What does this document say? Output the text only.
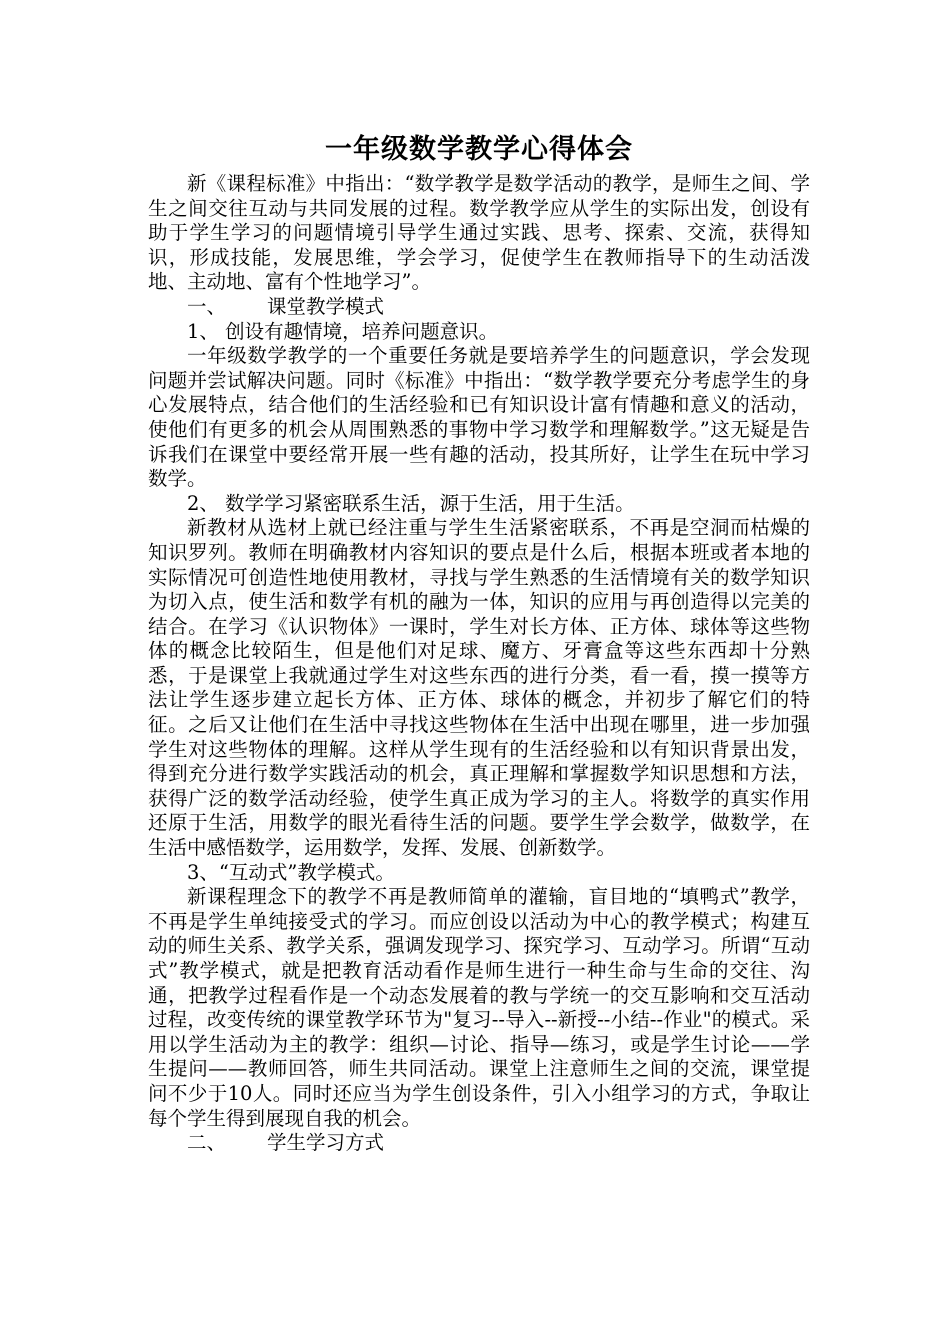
一年级数学教学心得体会

新《课程标准》中指出：“数学教学是数学活动的教学，是师生之间、学生之间交往互动与共同发展的过程。数学教学应从学生的实际出发，创设有助于学生学习的问题情境引导学生通过实践、思考、探索、交流，获得知识，形成技能，发展思维，学会学习，促使学生在教师指导下的生动活泼地、主动地、富有个性地学习”。

一、 课堂教学模式
1、 创设有趣情境，培养问题意识。

一年级数学教学的一个重要任务就是要培养学生的问题意识，学会发现问题并尝试解决问题。同时《标准》中指出：“数学教学要充分考虑学生的身心发展特点，结合他们的生活经验和已有知识设计富有情趣和意义的活动，使他们有更多的机会从周围熟悉的事物中学习数学和理解数学。”这无疑是告诉我们在课堂中要经常开展一些有趣的活动，投其所好，让学生在玩中学习数学。

2、 数学学习紧密联系生活，源于生活，用于生活。

新教材从选材上就已经注重与学生生活紧密联系，不再是空洞而枯燥的知识罗列。教师在明确教材内容知识的要点是什么后，根据本班或者本地的实际情况可创造性地使用教材，寻找与学生熟悉的生活情境有关的数学知识为切入点，使生活和数学有机的融为一体，知识的应用与再创造得以完美的结合。在学习《认识物体》一课时，学生对长方体、正方体、球体等这些物体的概念比较陌生，但是他们对足球、魔方、牙膏盒等这些东西却十分熟悉，于是课堂上我就通过学生对这些东西的进行分类，看一看，摸一摸等方法让学生逐步建立起长方体、正方体、球体的概念，并初步了解它们的特征。之后又让他们在生活中寻找这些物体在生活中出现在哪里，进一步加强学生对这些物体的理解。这样从学生现有的生活经验和以有知识背景出发，得到充分进行数学实践活动的机会，真正理解和掌握数学知识思想和方法，获得广泛的数学活动经验，使学生真正成为学习的主人。将数学的真实作用还原于生活，用数学的眼光看待生活的问题。要学生学会数学，做数学，在生活中感悟数学，运用数学，发挥、发展、创新数学。

3、“互动式”教学模式。

新课程理念下的教学不再是教师简单的灌输，盲目地的“填鸭式”教学，不再是学生单纯接受式的学习。而应创设以活动为中心的教学模式；构建互动的师生关系、教学关系，强调发现学习、探究学习、互动学习。所谓“互动式”教学模式，就是把教育活动看作是师生进行一种生命与生命的交往、沟通，把教学过程看作是一个动态发展着的教与学统一的交互影响和交互活动过程，改变传统的课堂教学环节为"复习--导入--新授--小结--作业"的模式。采用以学生活动为主的教学：组织—讨论、指导—练习，或是学生讨论——学生提问——教师回答，师生共同活动。课堂上注意师生之间的交流，课堂提问不少于10人。同时还应当为学生创设条件，引入小组学习的方式，争取让每个学生得到展现自我的机会。

二、 学生学习方式
